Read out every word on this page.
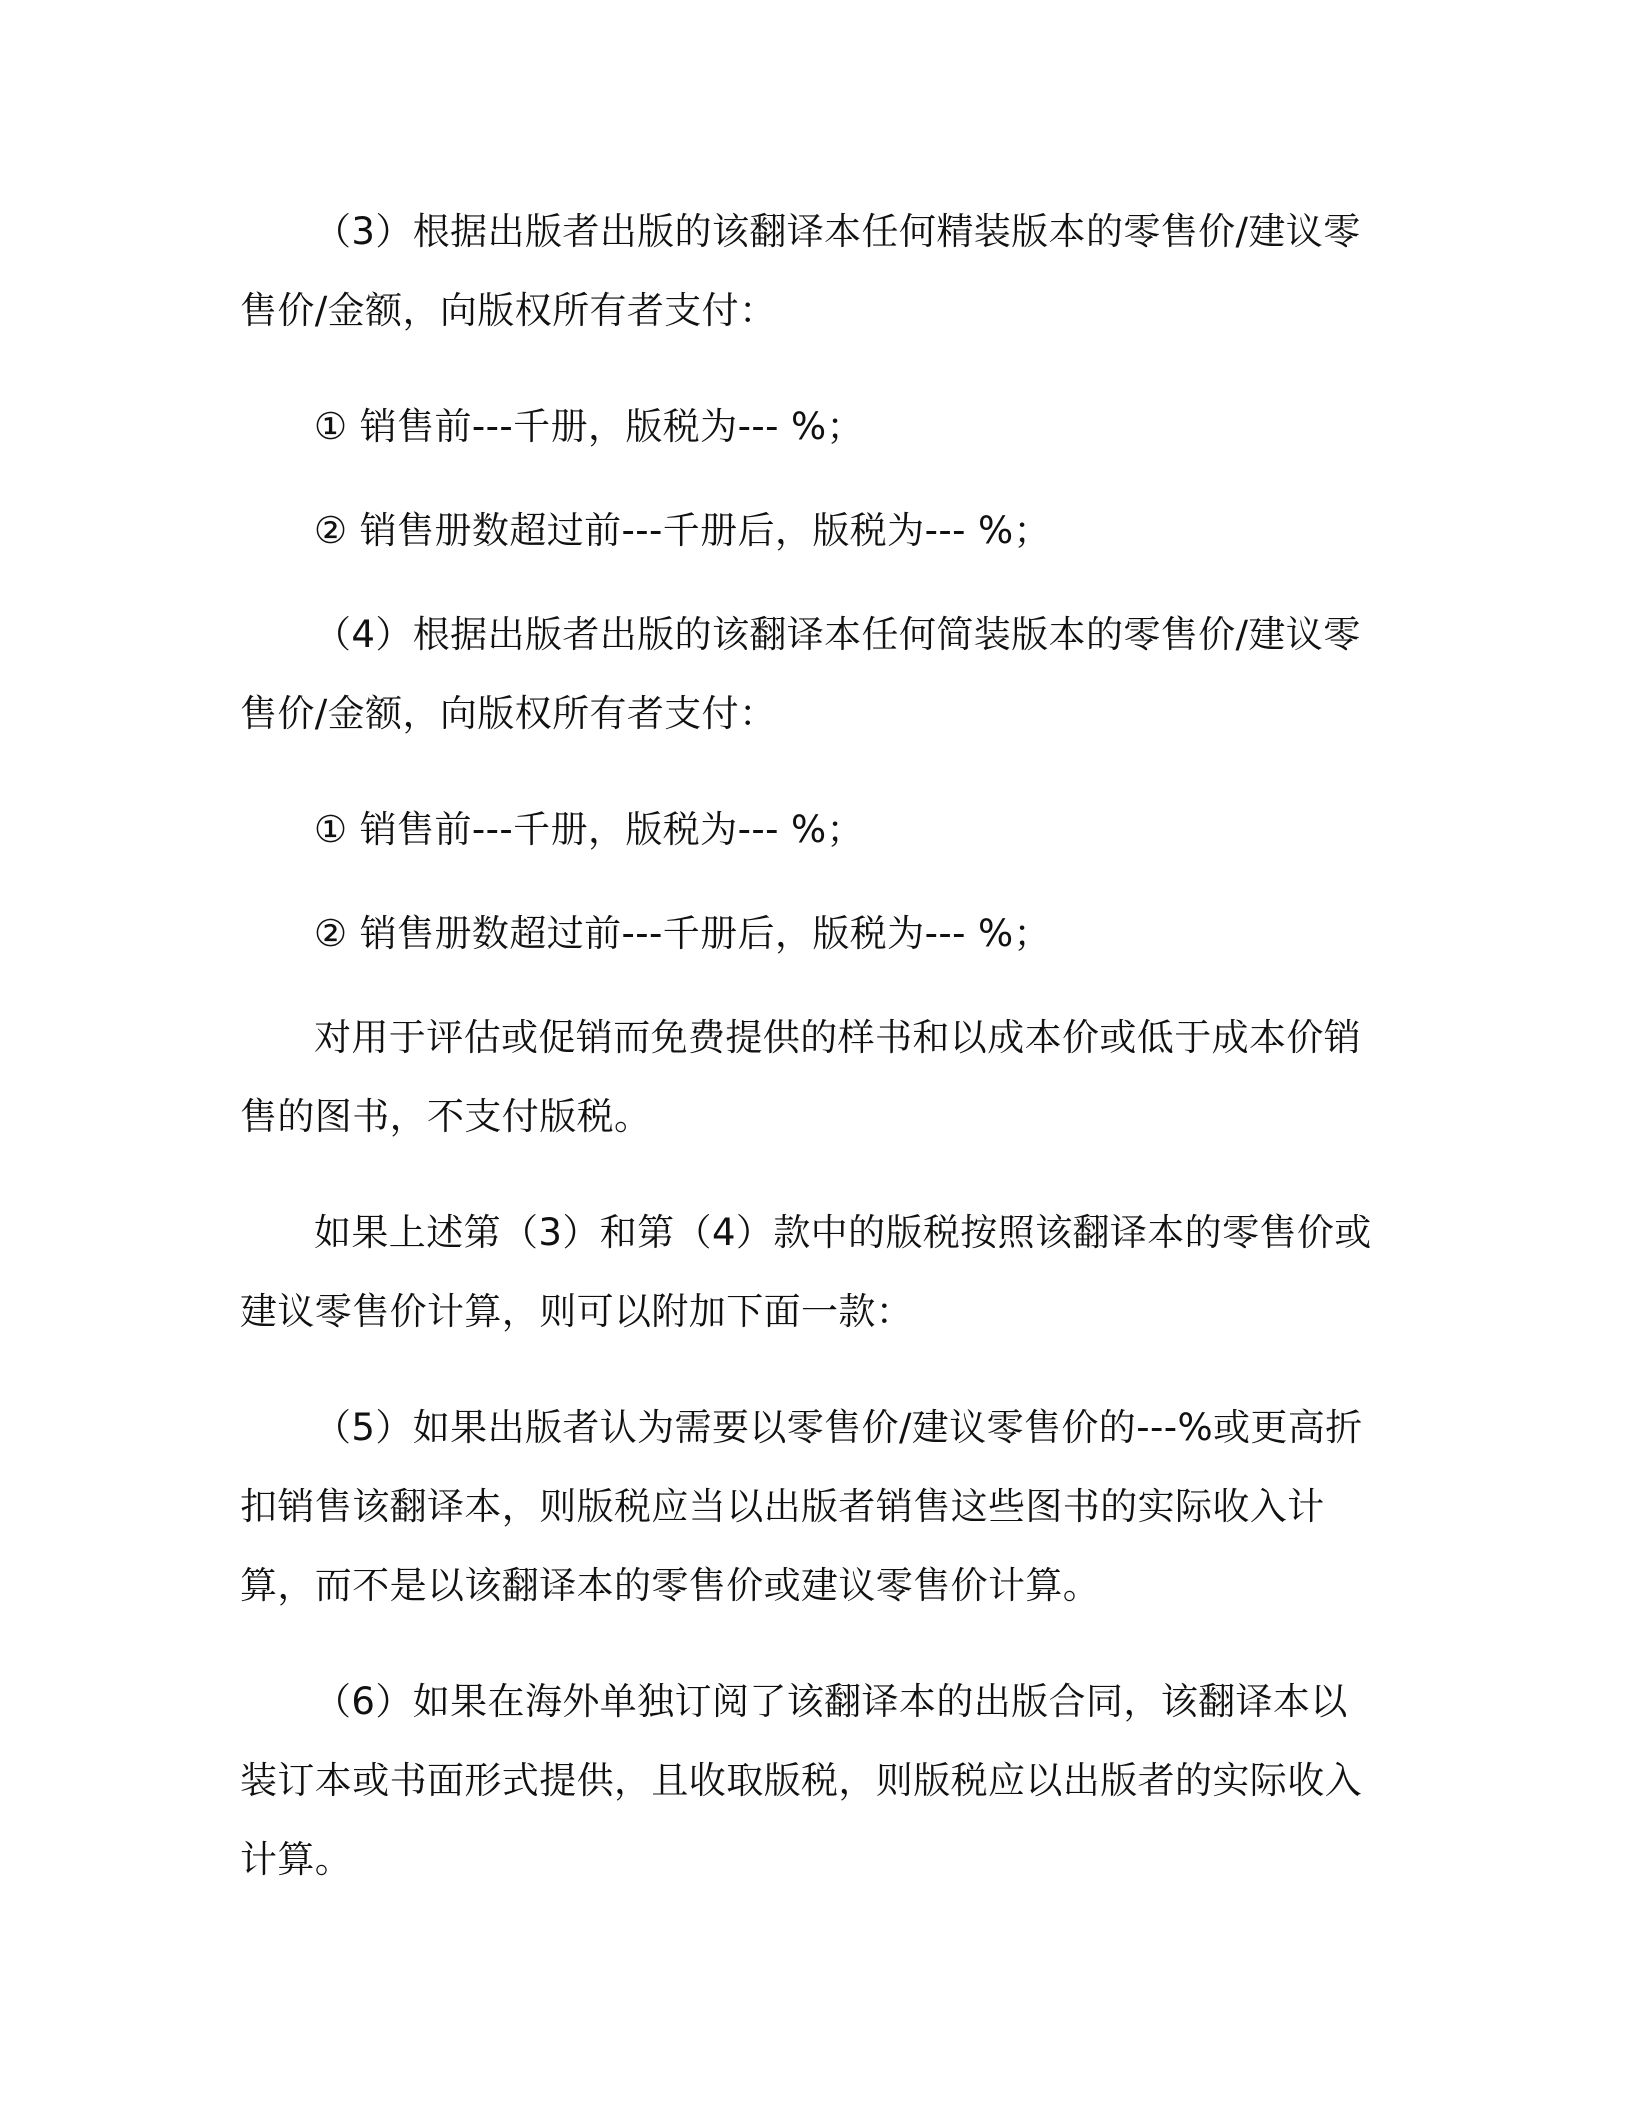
（3）根据出版者出版的该翻译本任何精装版本的零售价/建议零售价/金额，向版权所有者支付：

① 销售前---千册，版税为--- %；

② 销售册数超过前---千册后，版税为--- %；

（4）根据出版者出版的该翻译本任何简装版本的零售价/建议零售价/金额，向版权所有者支付：

① 销售前---千册，版税为--- %；

② 销售册数超过前---千册后，版税为--- %；

对用于评估或促销而免费提供的样书和以成本价或低于成本价销售的图书，不支付版税。

如果上述第（3）和第（4）款中的版税按照该翻译本的零售价或建议零售价计算，则可以附加下面一款：

（5）如果出版者认为需要以零售价/建议零售价的---%或更高折扣销售该翻译本，则版税应当以出版者销售这些图书的实际收入计算，而不是以该翻译本的零售价或建议零售价计算。

（6）如果在海外单独订阅了该翻译本的出版合同，该翻译本以装订本或书面形式提供，且收取版税，则版税应以出版者的实际收入计算。
